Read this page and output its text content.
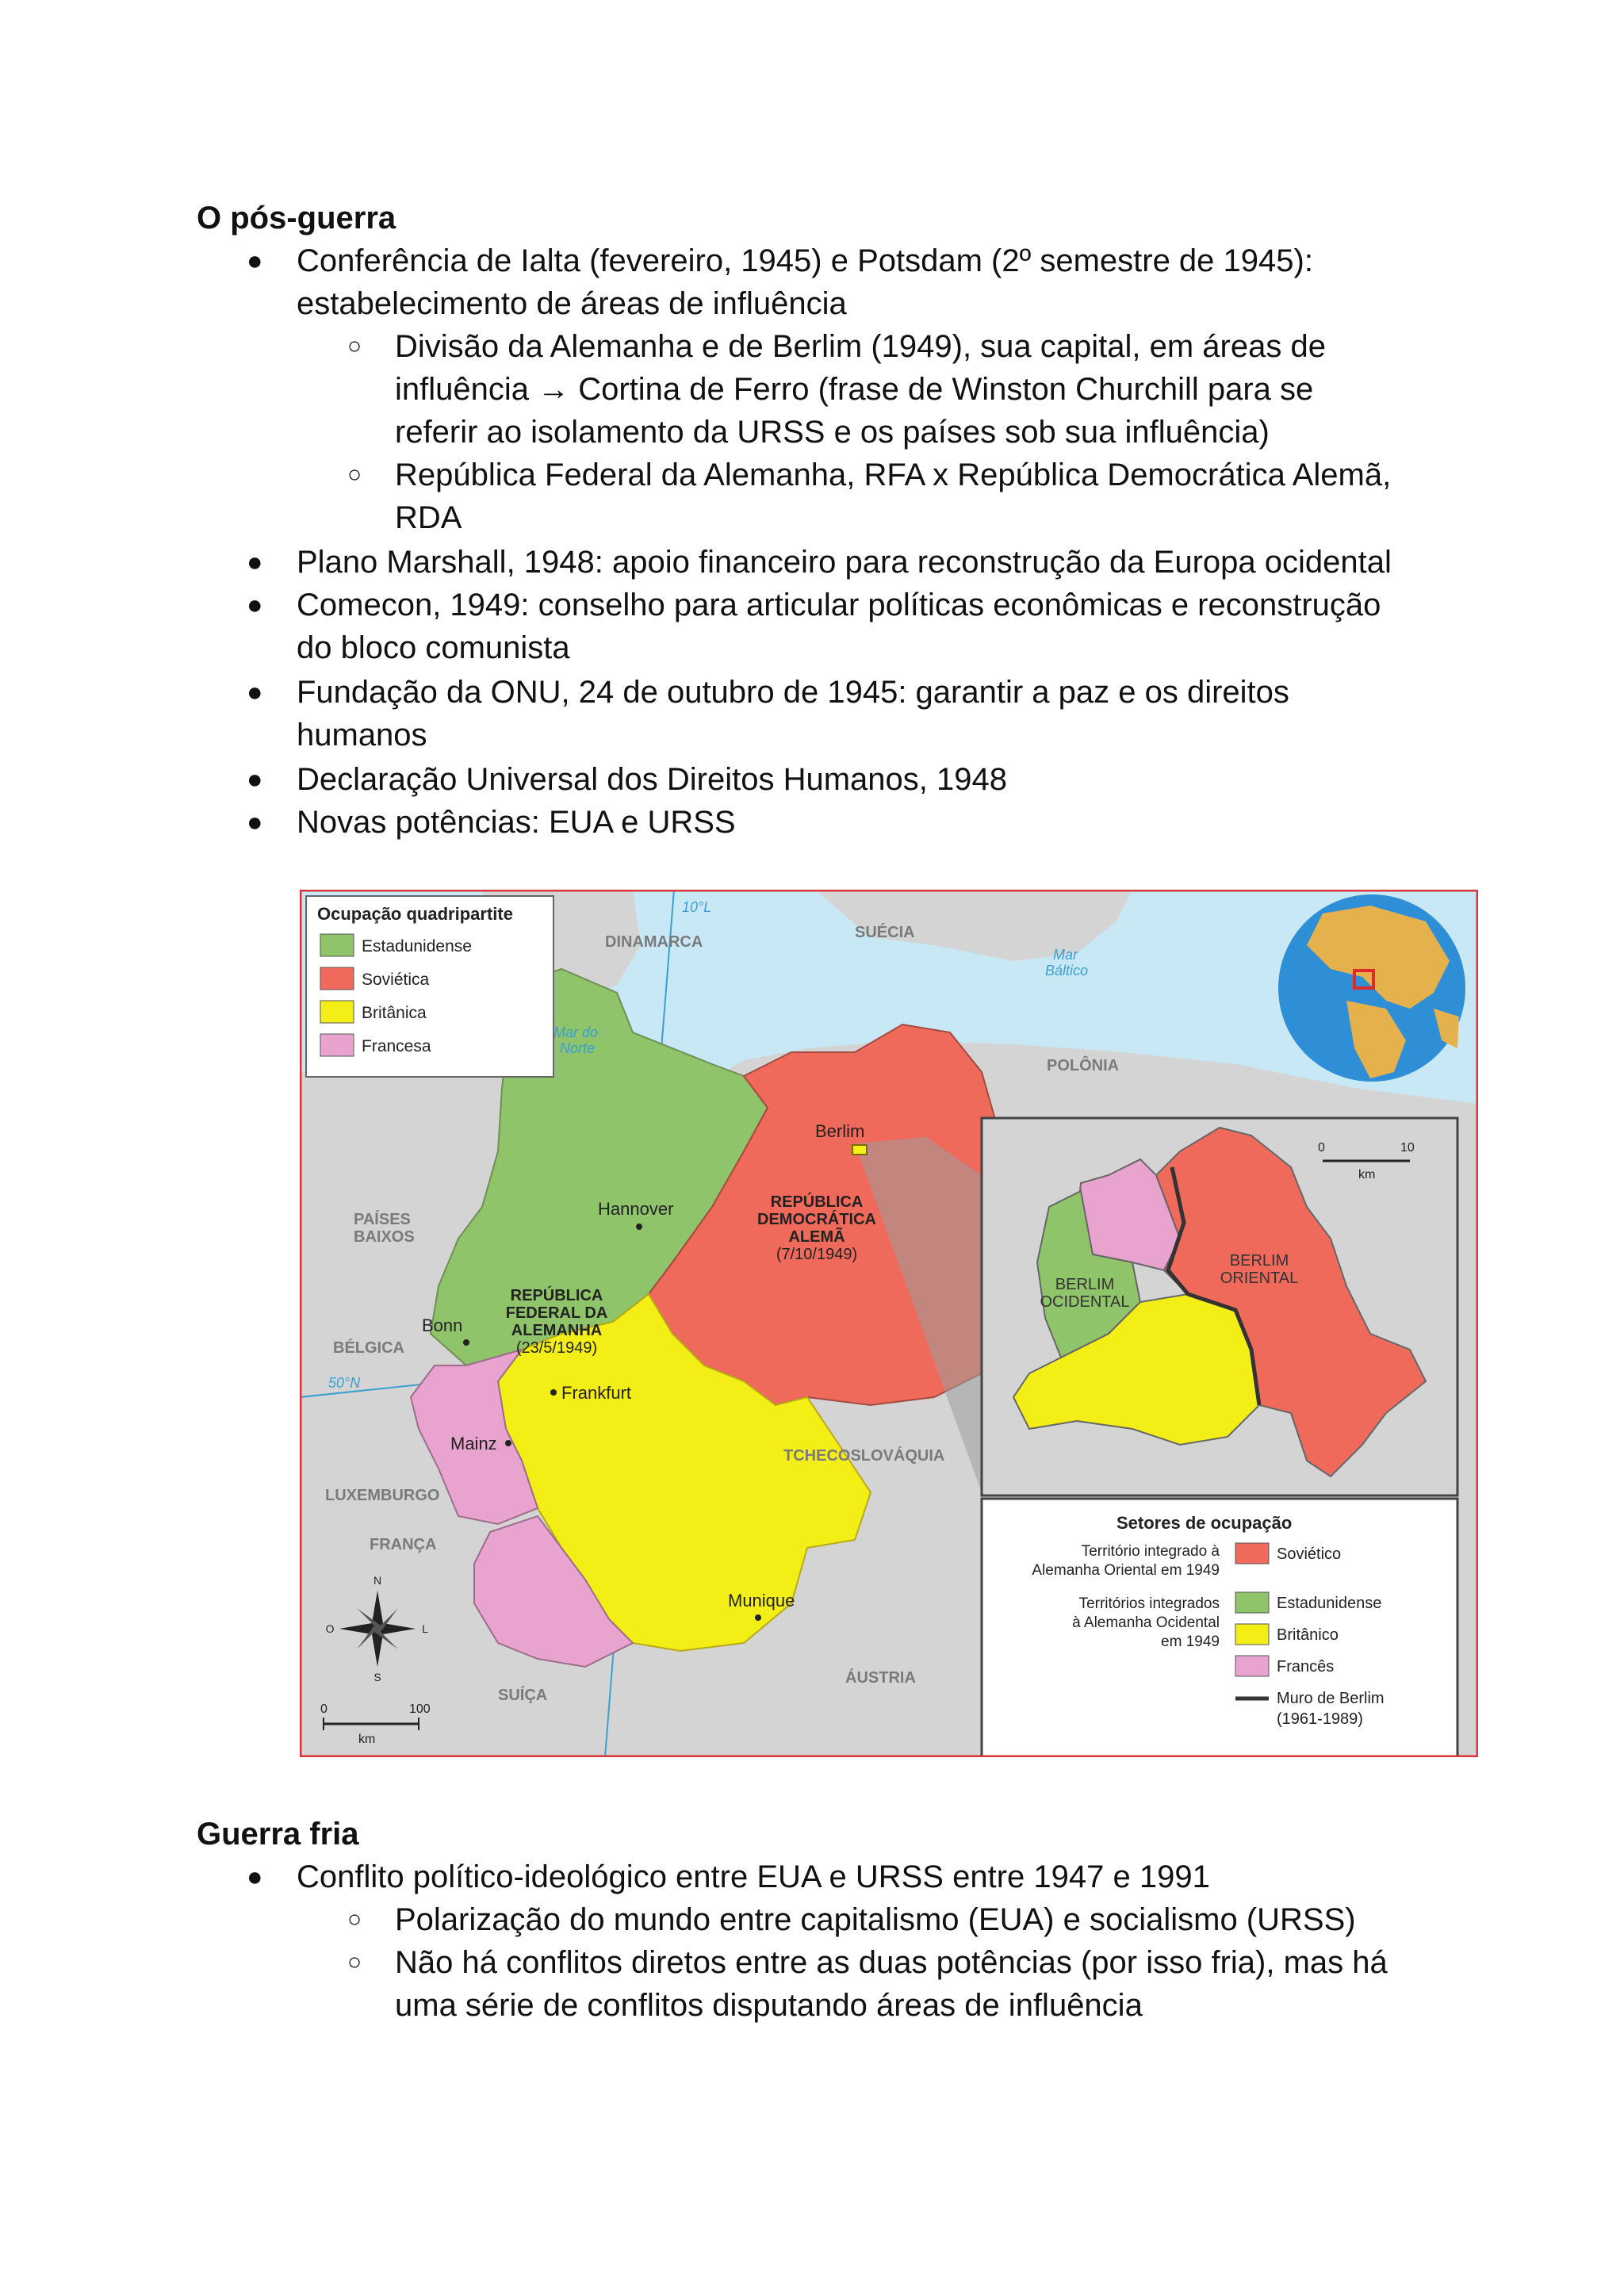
O pós-guerra
● Conferência de Ialta (fevereiro, 1945) e Potsdam (2º semestre de 1945):
estabelecimento de áreas de influência
○ Divisão da Alemanha e de Berlim (1949), sua capital, em áreas de
influência → Cortina de Ferro (frase de Winston Churchill para se
referir ao isolamento da URSS e os países sob sua influência)
○ República Federal da Alemanha, RFA x República Democrática Alemã,
RDA
● Plano Marshall, 1948: apoio financeiro para reconstrução da Europa ocidental
● Comecon, 1949: conselho para articular políticas econômicas e reconstrução
do bloco comunista
● Fundação da ONU, 24 de outubro de 1945: garantir a paz e os direitos
humanos
● Declaração Universal dos Direitos Humanos, 1948
● Novas potências: EUA e URSS
DINAMARCA
SUÉCIA
POLÔNIA
PAÍSES
BAIXOS
BÉLGICA
LUXEMBURGO
FRANÇA
SUÍÇA
ÁUSTRIA
TCHECOSLOVÁQUIA
Mar
Báltico
Mar do
Norte
10°L
50°N
Hannover
Berlim
Bonn
Frankfurt
Mainz
Munique
REPÚBLICA
DEMOCRÁTICA
ALEMÃ
(7/10/1949)
REPÚBLICA
FEDERAL DA
ALEMANHA
(23/5/1949)
N
S
L
O
0	100
km
Ocupação quadripartite
Estadunidense
Soviética
Britânica
Francesa
BERLIM
OCIDENTAL
BERLIM
ORIENTAL
0	10
km
Setores de ocupação
Território integrado à
Alemanha Oriental em 1949
Territórios integrados
à Alemanha Ocidental
em 1949
Soviético
Estadunidense
Britânico
Francês
Muro de Berlim
(1961-1989)
Guerra fria
● Conflito político-ideológico entre EUA e URSS entre 1947 e 1991
○ Polarização do mundo entre capitalismo (EUA) e socialismo (URSS)
○ Não há conflitos diretos entre as duas potências (por isso fria), mas há
uma série de conflitos disputando áreas de influência
